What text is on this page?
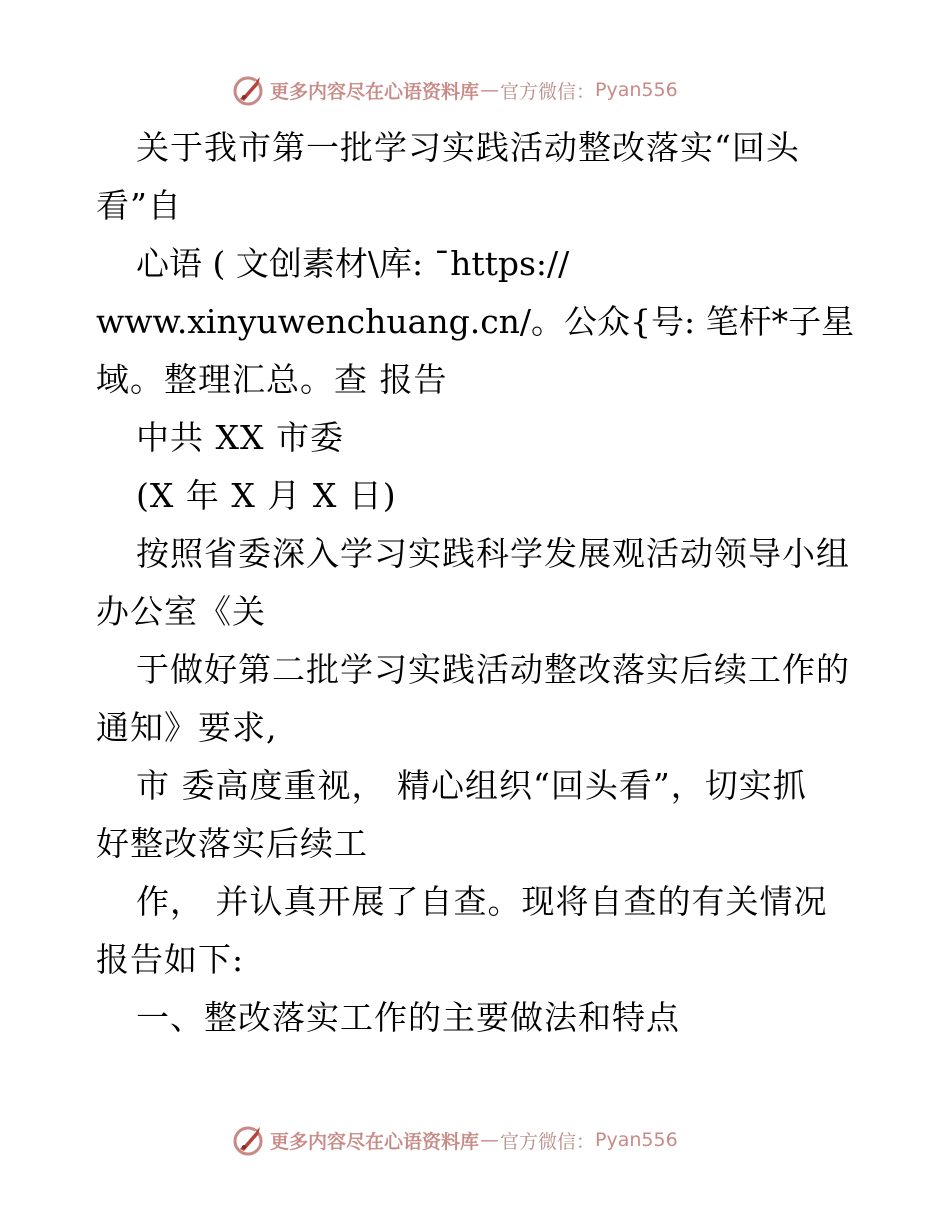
更多内容尽在心语资料库 — 官方微信： Pyan556
关于我市第一批学习实践活动整改落实“回头
看”自
心语 ( 文创素材\库: ¯https://
www.xinyuwenchuang.cn/。公众{号: 笔杆*子星
域。整理汇总。查 报告
中共 XX 市委
(X 年 X 月 X 日)
按照省委深入学习实践科学发展观活动领导小组
办公室《关
于做好第二批学习实践活动整改落实后续工作的
通知》要求,
市 委高度重视， 精心组织“回头看”，切实抓
好整改落实后续工
作， 并认真开展了自查。现将自查的有关情况
报告如下:
一、整改落实工作的主要做法和特点
更多内容尽在心语资料库 — 官方微信： Pyan556
